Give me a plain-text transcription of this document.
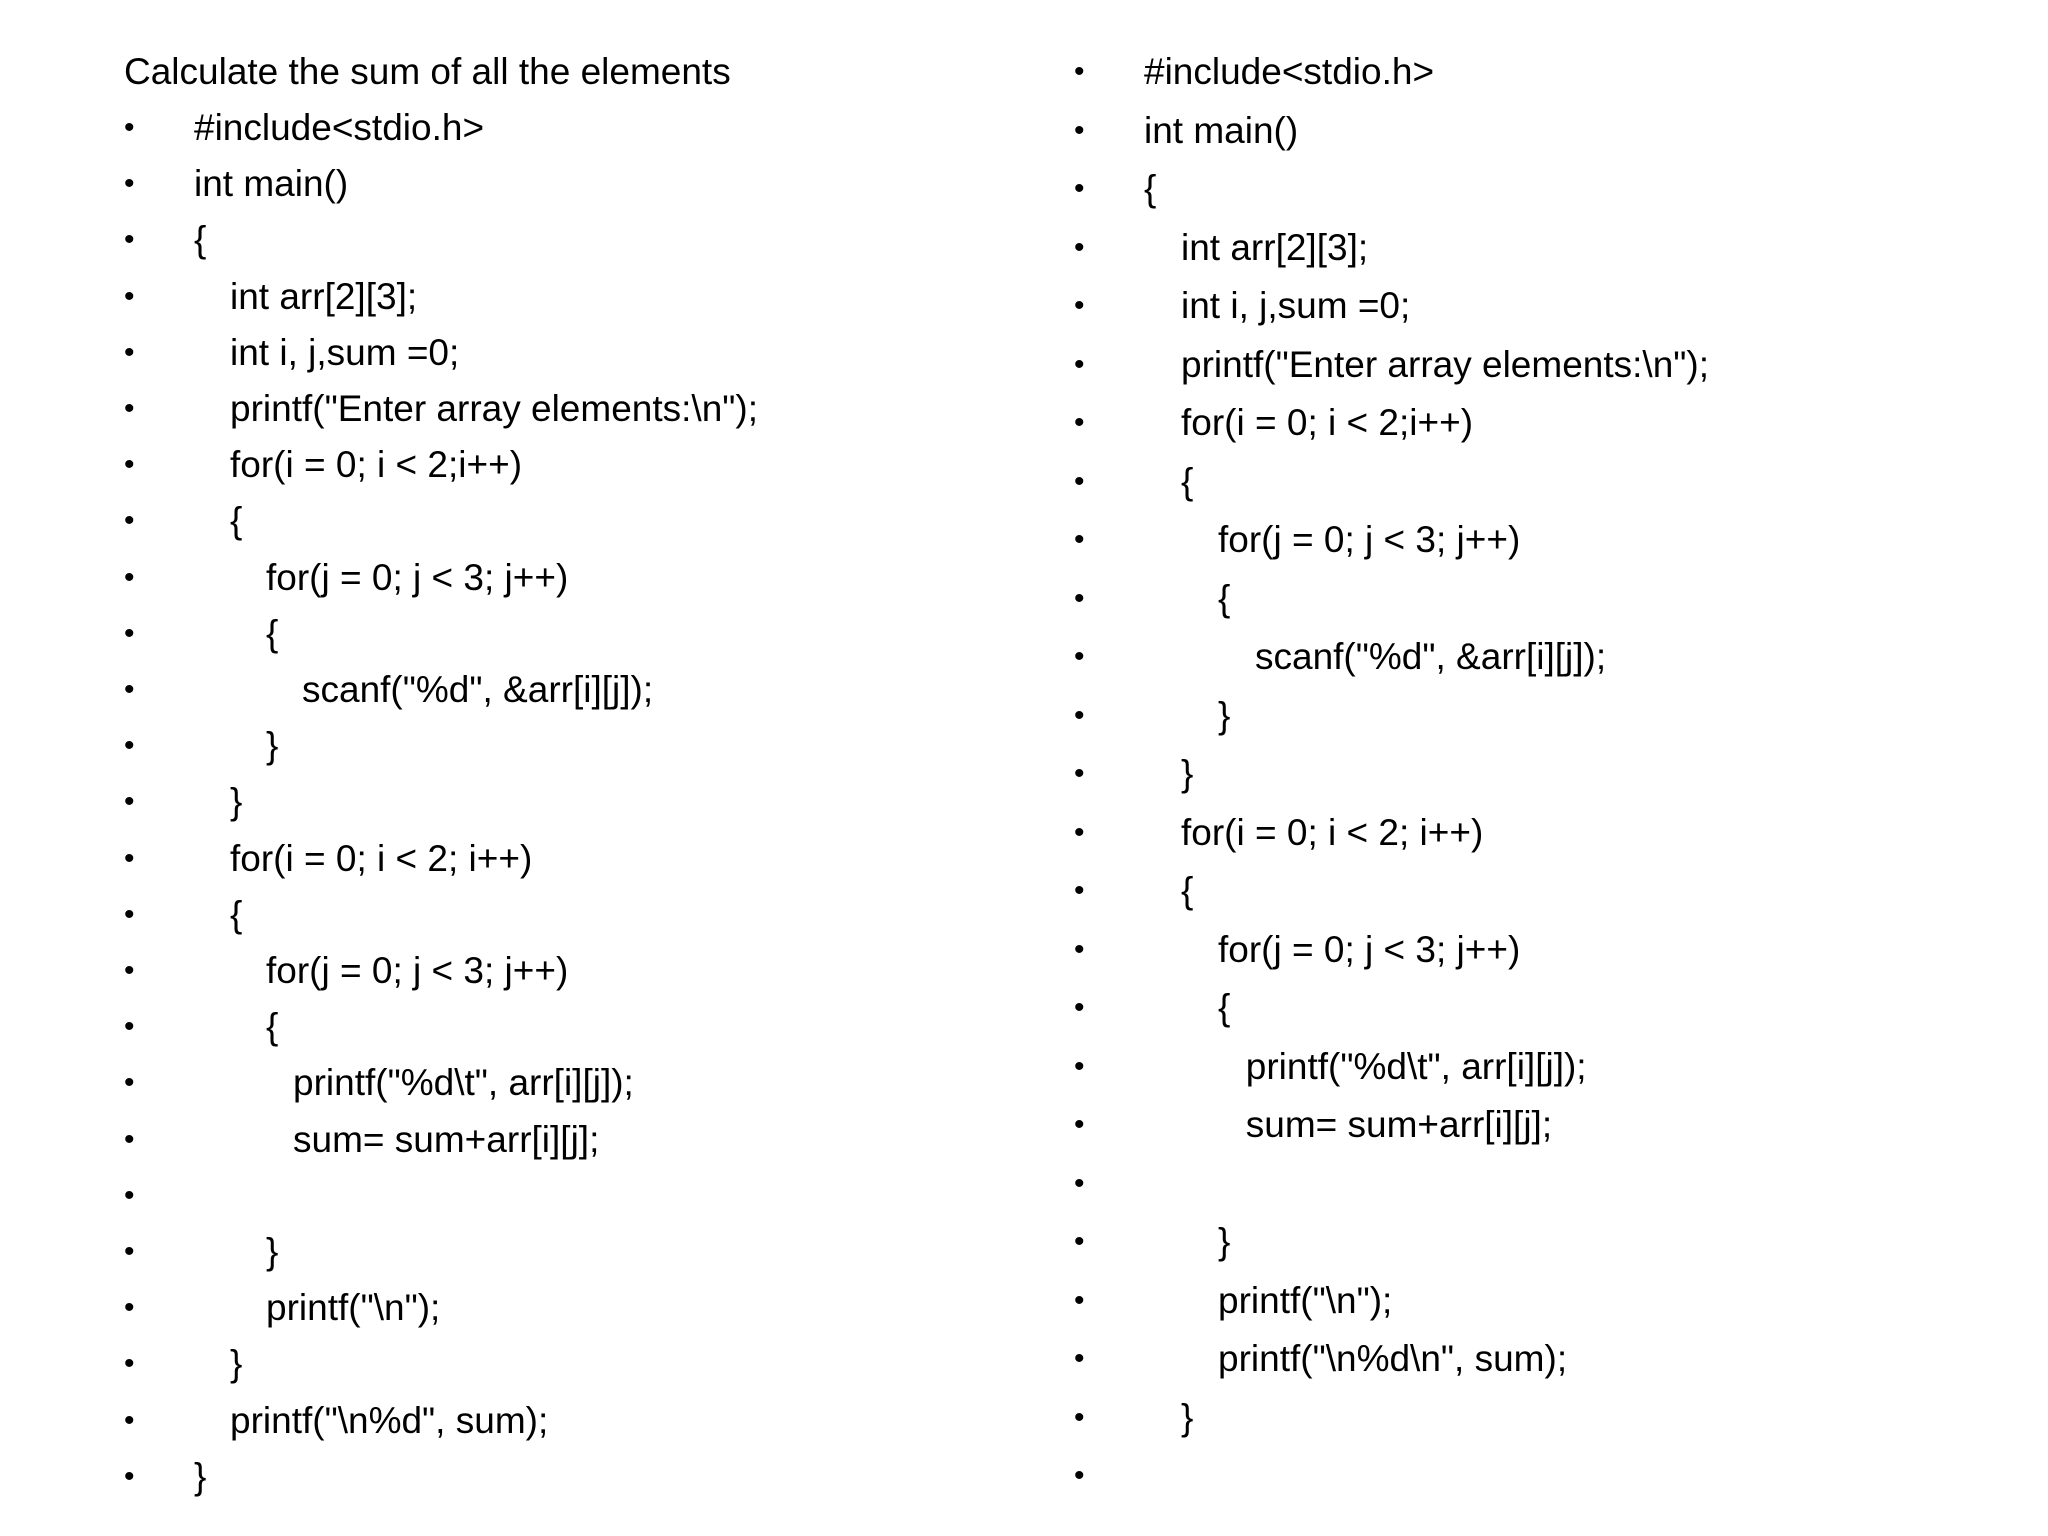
Calculate the sum of all the elements
• #include<stdio.h>
• int main()
• {
•	int arr[2][3];
•	int i, j,sum =0;
•	printf("Enter array elements:\n");
•	for(i = 0; i < 2;i++)
•	{
•	for(j = 0; j < 3; j++)
•	{
•	scanf("%d", &arr[i][j]);
•	}
•	}
•	for(i = 0; i < 2; i++)
•	{
•	for(j = 0; j < 3; j++)
•	{
•	printf("%d\t", arr[i][j]);
•	sum= sum+arr[i][j];
•
•	}
•	printf("\n");
•	}
•	printf("\n%d", sum);
• }
• #include<stdio.h>
• int main()
• {
•	int arr[2][3];
•	int i, j,sum =0;
•	printf("Enter array elements:\n");
•	for(i = 0; i < 2;i++)
•	{
•	for(j = 0; j < 3; j++)
•	{
•	scanf("%d", &arr[i][j]);
•	}
•	}
•	for(i = 0; i < 2; i++)
•	{
•	for(j = 0; j < 3; j++)
•	{
•	printf("%d\t", arr[i][j]);
•	sum= sum+arr[i][j];
•
•	}
•	printf("\n");
•	printf("\n%d\n", sum);
•	}
•
